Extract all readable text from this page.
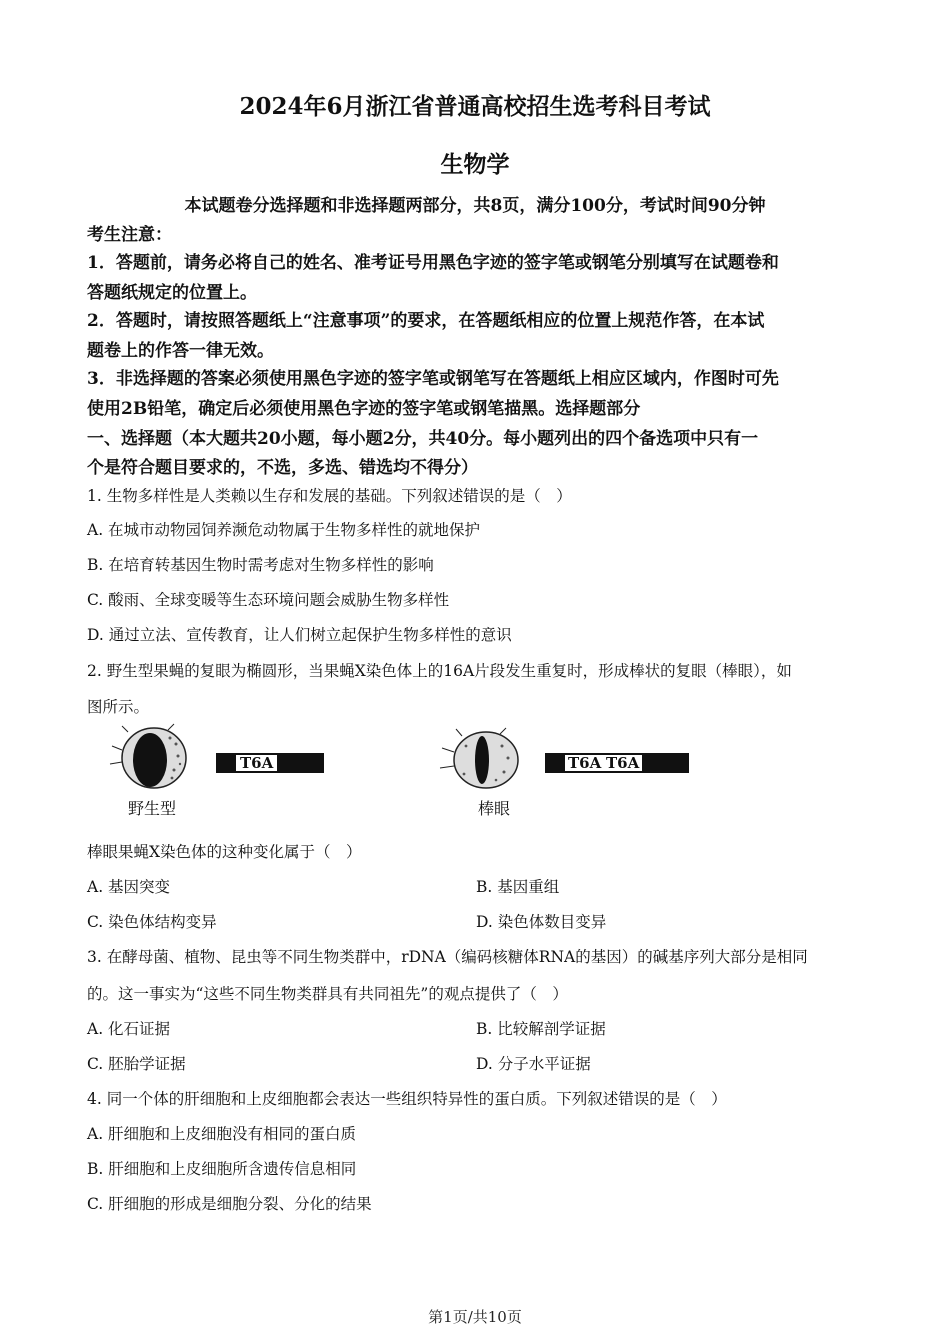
2024年6月浙江省普通高校招生选考科目考试
生物学
本试题卷分选择题和非选择题两部分，共8页，满分100分，考试时间90分钟
考生注意：
1．答题前，请务必将自己的姓名、准考证号用黑色字迹的签字笔或钢笔分别填写在试题卷和
答题纸规定的位置上。
2．答题时，请按照答题纸上“注意事项”的要求，在答题纸相应的位置上规范作答，在本试
题卷上的作答一律无效。
3．非选择题的答案必须使用黑色字迹的签字笔或钢笔写在答题纸上相应区域内，作图时可先
使用2B铅笔，确定后必须使用黑色字迹的签字笔或钢笔描黑。选择题部分
一、选择题（本大题共20小题，每小题2分，共40分。每小题列出的四个备选项中只有一
个是符合题目要求的，不选，多选、错选均不得分）
1. 生物多样性是人类赖以生存和发展的基础。下列叙述错误的是（　）
A. 在城市动物园饲养濒危动物属于生物多样性的就地保护
B. 在培育转基因生物时需考虑对生物多样性的影响
C. 酸雨、全球变暖等生态环境问题会威胁生物多样性
D. 通过立法、宣传教育，让人们树立起保护生物多样性的意识
2. 野生型果蝇的复眼为椭圆形，当果蝇X染色体上的16A片段发生重复时，形成棒状的复眼（棒眼），如
图所示。
T6A
野生型
T6A T6A
棒眼
棒眼果蝇X染色体的这种变化属于（　）
A. 基因突变	B. 基因重组
C. 染色体结构变异	D. 染色体数目变异
3. 在酵母菌、植物、昆虫等不同生物类群中，rDNA（编码核糖体RNA的基因）的碱基序列大部分是相同
的。这一事实为“这些不同生物类群具有共同祖先”的观点提供了（　）
A. 化石证据	B. 比较解剖学证据
C. 胚胎学证据	D. 分子水平证据
4. 同一个体的肝细胞和上皮细胞都会表达一些组织特异性的蛋白质。下列叙述错误的是（　）
A. 肝细胞和上皮细胞没有相同的蛋白质
B. 肝细胞和上皮细胞所含遗传信息相同
C. 肝细胞的形成是细胞分裂、分化的结果
第1页/共10页
